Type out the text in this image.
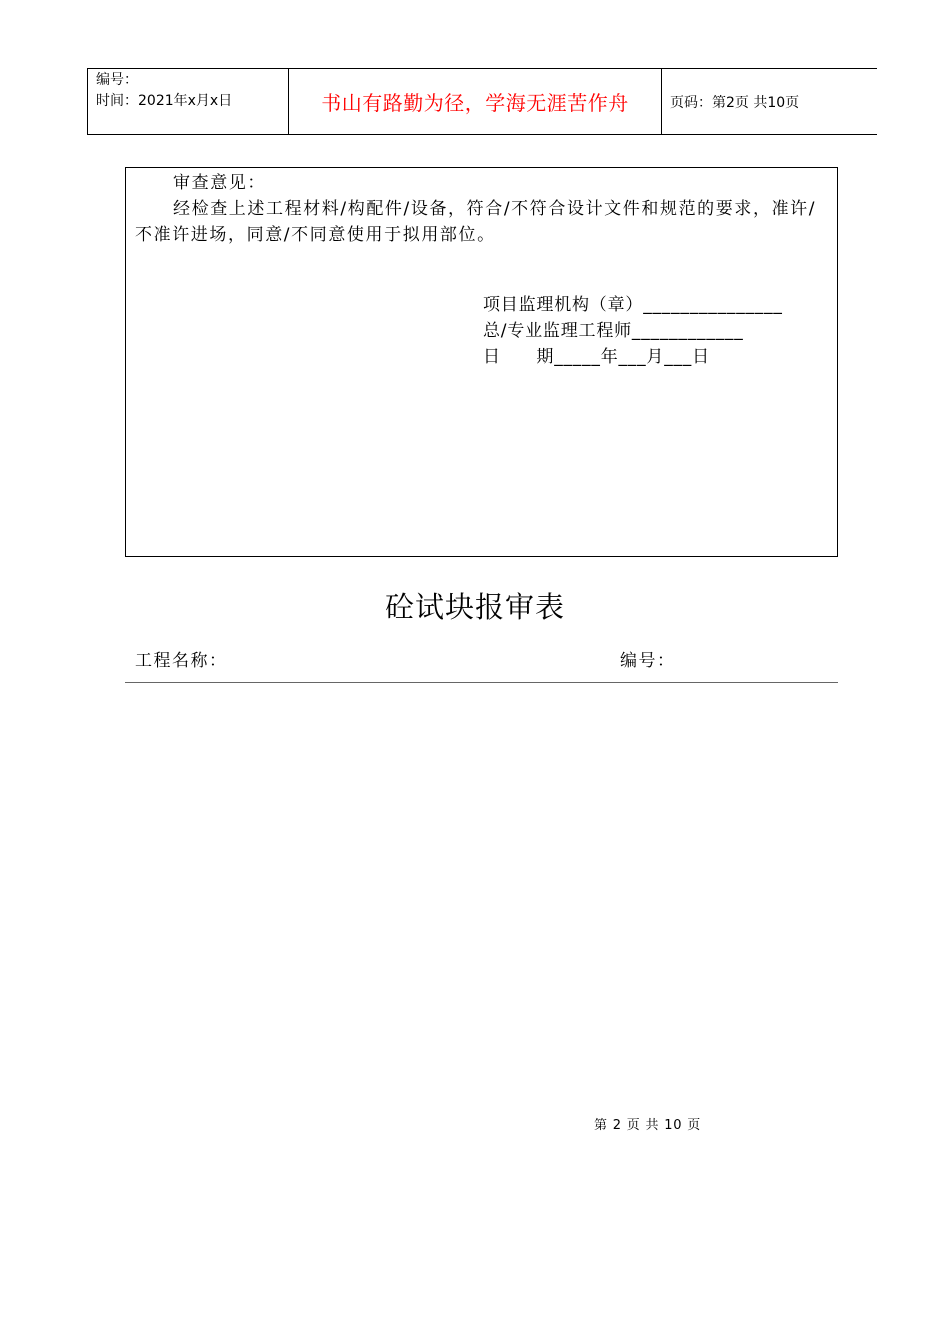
编号：
时间：2021年x月x日	书山有路勤为径，学海无涯苦作舟	页码：第2页 共10页
审查意见：
经检查上述工程材料/构配件/设备，符合/不符合设计文件和规范的要求，准许/不准许进场，同意/不同意使用于拟用部位。
项目监理机构（章）_______________
总/专业监理工程师____________
日　　期_____年___月___日
砼试块报审表
工程名称：	编号：
第 2 页 共 10 页
